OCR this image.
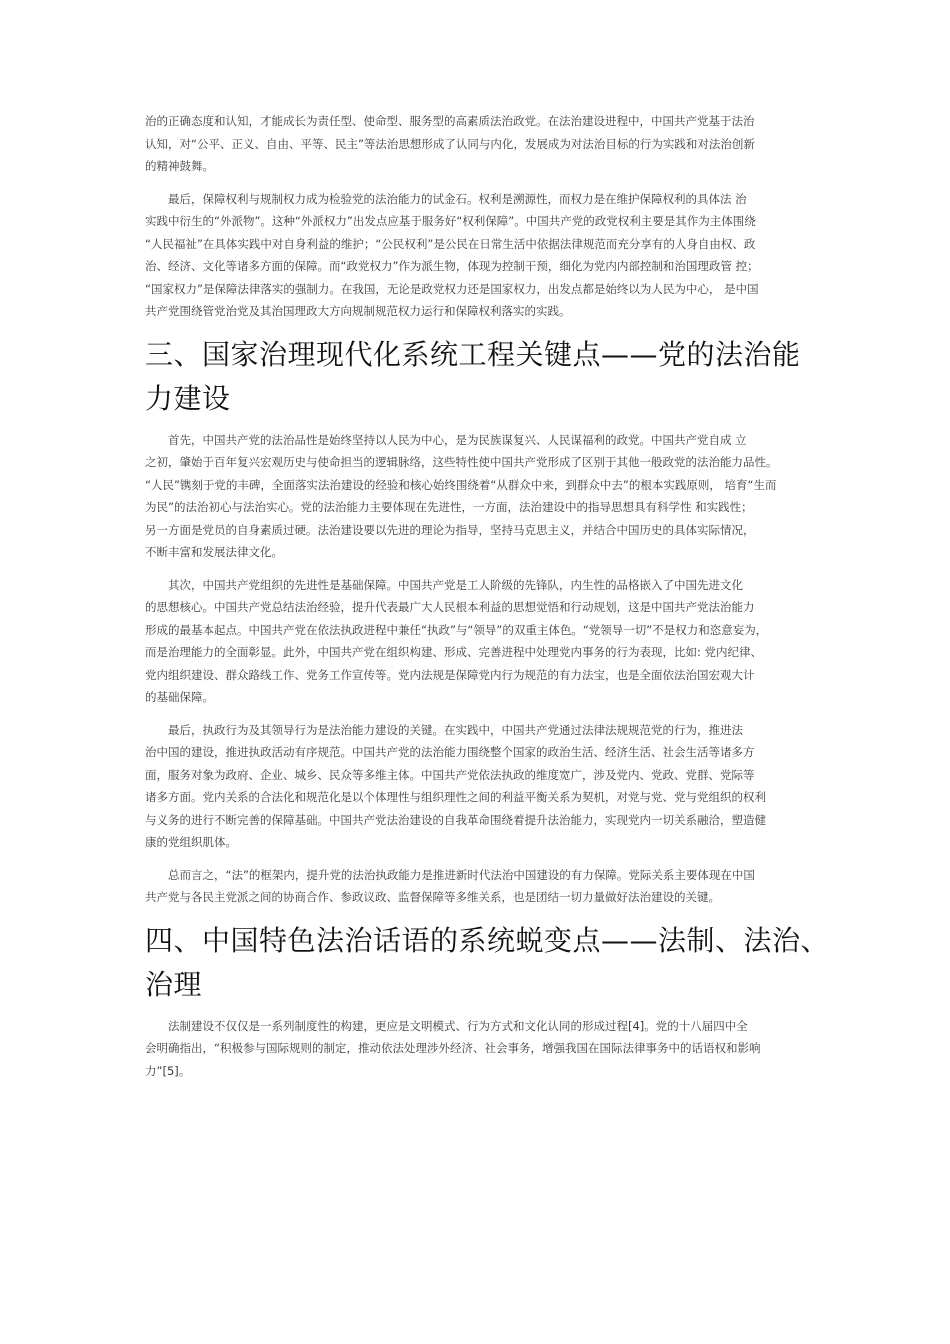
治的正确态度和认知，才能成长为责任型、使命型、服务型的高素质法治政党。在法治建设进程中，中国共产党基于法治
认知，对“公平、正义、自由、平等、民主”等法治思想形成了认同与内化，发展成为对法治目标的行为实践和对法治创新
的精神鼓舞。

　　最后，保障权利与规制权力成为检验党的法治能力的试金石。权利是溯源性，而权力是在维护保障权利的具体法 治
实践中衍生的“外派物”。这种“外派权力”出发点应基于服务好“权利保障”。中国共产党的政党权利主要是其作为主体围绕
“人民福祉”在具体实践中对自身利益的维护；“公民权利”是公民在日常生活中依据法律规范而充分享有的人身自由权、政
治、经济、文化等诸多方面的保障。而“政党权力”作为派生物，体现为控制干预，细化为党内内部控制和治国理政管 控；
“国家权力”是保障法律落实的强制力。在我国，无论是政党权力还是国家权力，出发点都是始终以为人民为中心， 是中国
共产党围绕管党治党及其治国理政大方向规制规范权力运行和保障权利落实的实践。

三、国家治理现代化系统工程关键点——党的法治能
力建设

　　首先，中国共产党的法治品性是始终坚持以人民为中心，是为民族谋复兴、人民谋福利的政党。中国共产党自成 立
之初，肇始于百年复兴宏观历史与使命担当的逻辑脉络，这些特性使中国共产党形成了区别于其他一般政党的法治能力品性。
“人民”镌刻于党的丰碑，全面落实法治建设的经验和核心始终围绕着“从群众中来，到群众中去”的根本实践原则， 培育“生而
为民”的法治初心与法治实心。党的法治能力主要体现在先进性，一方面，法治建设中的指导思想具有科学性 和实践性；
另一方面是党员的自身素质过硬。法治建设要以先进的理论为指导，坚持马克思主义，并结合中国历史的具体实际情况，
不断丰富和发展法律文化。

　　其次，中国共产党组织的先进性是基础保障。中国共产党是工人阶级的先锋队，内生性的品格嵌入了中国先进文化
的思想核心。中国共产党总结法治经验，提升代表最广大人民根本利益的思想觉悟和行动规划，这是中国共产党法治能力
形成的最基本起点。中国共产党在依法执政进程中兼任“执政”与“领导”的双重主体色。“党领导一切”不是权力和恣意妄为，
而是治理能力的全面彰显。此外，中国共产党在组织构建、形成、完善进程中处理党内事务的行为表现，比如: 党内纪律、
党内组织建设、群众路线工作、党务工作宣传等。党内法规是保障党内行为规范的有力法宝，也是全面依法治国宏观大计
的基础保障。

　　最后，执政行为及其领导行为是法治能力建设的关键。在实践中，中国共产党通过法律法规规范党的行为，推进法
治中国的建设，推进执政活动有序规范。中国共产党的法治能力围绕整个国家的政治生活、经济生活、社会生活等诸多方
面，服务对象为政府、企业、城乡、民众等多维主体。中国共产党依法执政的维度宽广，涉及党内、党政、党群、党际等
诸多方面。党内关系的合法化和规范化是以个体理性与组织理性之间的利益平衡关系为契机，对党与党、党与党组织的权利
与义务的进行不断完善的保障基础。中国共产党法治建设的自我革命围绕着提升法治能力，实现党内一切关系融洽，塑造健
康的党组织肌体。

　　总而言之，“法”的框架内，提升党的法治执政能力是推进新时代法治中国建设的有力保障。党际关系主要体现在中国
共产党与各民主党派之间的协商合作、参政议政、监督保障等多维关系，也是团结一切力量做好法治建设的关键。

四、中国特色法治话语的系统蜕变点——法制、法治、
治理

　　法制建设不仅仅是一系列制度性的构建，更应是文明模式、行为方式和文化认同的形成过程[4]。党的十八届四中全
会明确指出，“积极参与国际规则的制定，推动依法处理涉外经济、社会事务，增强我国在国际法律事务中的话语权和影响
力”[5]。
